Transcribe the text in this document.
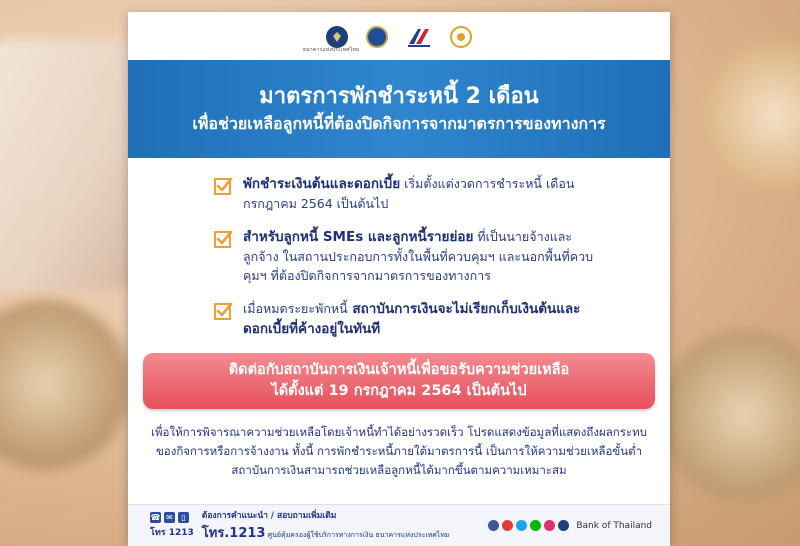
ธนาคารแห่งประเทศไทย
มาตรการพักชำระหนี้ 2 เดือน
เพื่อช่วยเหลือลูกหนี้ที่ต้องปิดกิจการจากมาตรการของทางการ
พักชำระเงินต้นและดอกเบี้ย เริ่มตั้งแต่งวดการชำระหนี้ เดือนกรกฎาคม 2564 เป็นต้นไป
สำหรับลูกหนี้ SMEs และลูกหนี้รายย่อย ที่เป็นนายจ้างและลูกจ้าง ในสถานประกอบการทั้งในพื้นที่ควบคุมฯ และนอกพื้นที่ควบคุมฯ ที่ต้องปิดกิจการจากมาตรการของทางการ
เมื่อหมดระยะพักหนี้ สถาบันการเงินจะไม่เรียกเก็บเงินต้นและดอกเบี้ยที่ค้างอยู่ในทันที
ติดต่อกับสถาบันการเงินเจ้าหนี้เพื่อขอรับความช่วยเหลือ
ได้ตั้งแต่ 19 กรกฎาคม 2564 เป็นต้นไป
เพื่อให้การพิจารณาความช่วยเหลือโดยเจ้าหนี้ทำได้อย่างรวดเร็ว โปรดแสดงข้อมูลที่แสดงถึงผลกระทบของกิจการหรือการจ้างงาน ทั้งนี้ การพักชำระหนี้ภายใต้มาตรการนี้ เป็นการให้ความช่วยเหลือขั้นต่ำ สถาบันการเงินสามารถช่วยเหลือลูกหนี้ได้มากขึ้นตามความเหมาะสม
☎ ✉	▯
โทร 1213
ต้องการคำแนะนำ / สอบถามเพิ่มเติม
โทร.1213 ศูนย์คุ้มครองผู้ใช้บริการทางการเงิน ธนาคารแห่งประเทศไทย
Bank of Thailand
